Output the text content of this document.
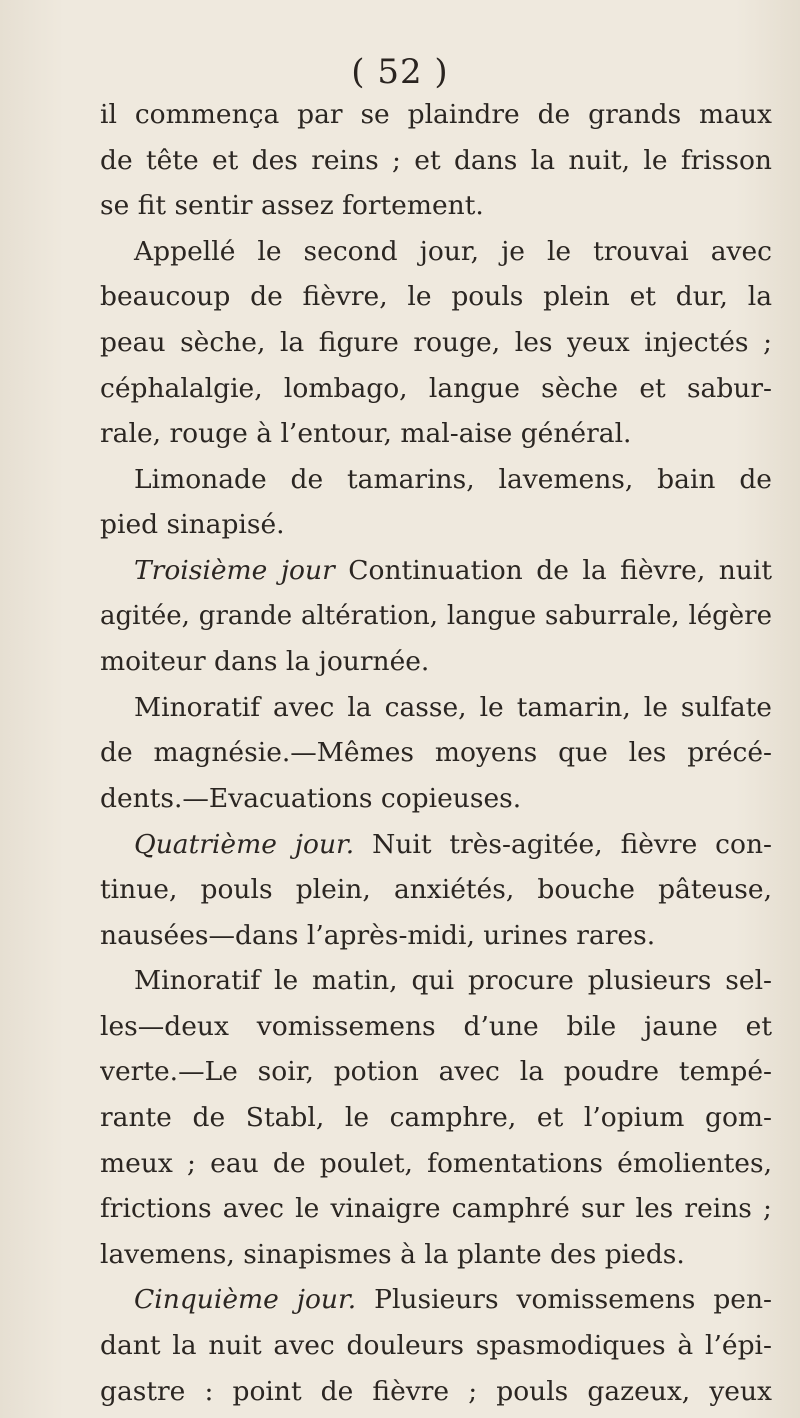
( 52 )
il commença par se plaindre de grands maux
de tête et des reins ; et dans la nuit, le frisson
se fit sentir assez fortement.
Appellé le second jour, je le trouvai avec
beaucoup de fièvre, le pouls plein et dur, la
peau sèche, la figure rouge, les yeux injectés ;
céphalalgie, lombago, langue sèche et sabur-
rale, rouge à l’entour, mal-aise général.
Limonade de tamarins, lavemens, bain de
pied sinapisé.
Troisième jour Continuation de la fièvre, nuit
agitée, grande altération, langue saburrale, légère
moiteur dans la journée.
Minoratif avec la casse, le tamarin, le sulfate
de magnésie.—Mêmes moyens que les précé-
dents.—Evacuations copieuses.
Quatrième jour. Nuit très-agitée, fièvre con-
tinue, pouls plein, anxiétés, bouche pâteuse,
nausées—dans l’après-midi, urines rares.
Minoratif le matin, qui procure plusieurs sel-
les—deux vomissemens d’une bile jaune et
verte.—Le soir, potion avec la poudre tempé-
rante de Stabl, le camphre, et l’opium gom-
meux ; eau de poulet, fomentations émolientes,
frictions avec le vinaigre camphré sur les reins ;
lavemens, sinapismes à la plante des pieds.
Cinquième jour. Plusieurs vomissemens pen-
dant la nuit avec douleurs spasmodiques à l’épi-
gastre : point de fièvre ; pouls gazeux, yeux
